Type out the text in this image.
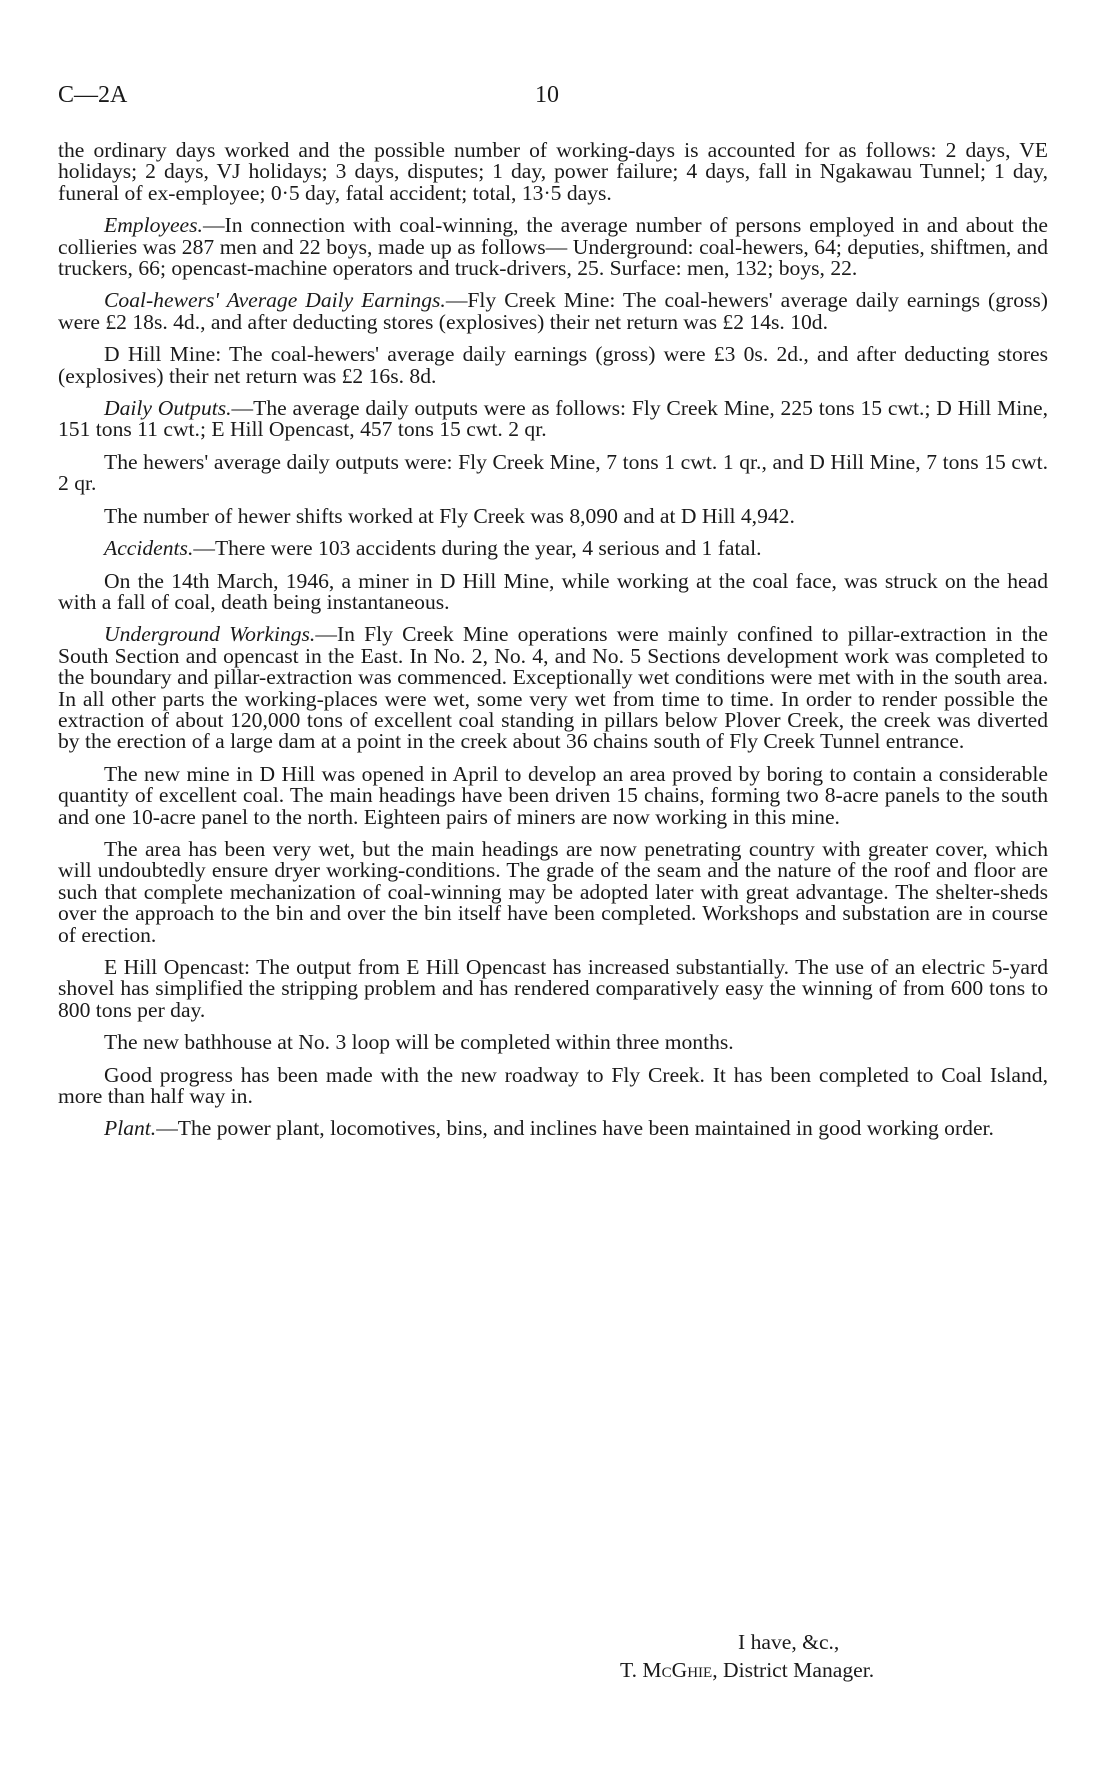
C—2A	10

the ordinary days worked and the possible number of working-days is accounted for as follows: 2 days, VE holidays; 2 days, VJ holidays; 3 days, disputes; 1 day, power failure; 4 days, fall in Ngakawau Tunnel; 1 day, funeral of ex-employee; 0·5 day, fatal accident; total, 13·5 days.

Employees.—In connection with coal-winning, the average number of persons employed in and about the collieries was 287 men and 22 boys, made up as follows— Underground: coal-hewers, 64; deputies, shiftmen, and truckers, 66; opencast-machine operators and truck-drivers, 25. Surface: men, 132; boys, 22.

Coal-hewers' Average Daily Earnings.—Fly Creek Mine: The coal-hewers' average daily earnings (gross) were £2 18s. 4d., and after deducting stores (explosives) their net return was £2 14s. 10d.

D Hill Mine: The coal-hewers' average daily earnings (gross) were £3 0s. 2d., and after deducting stores (explosives) their net return was £2 16s. 8d.

Daily Outputs.—The average daily outputs were as follows: Fly Creek Mine, 225 tons 15 cwt.; D Hill Mine, 151 tons 11 cwt.; E Hill Opencast, 457 tons 15 cwt. 2 qr.

The hewers' average daily outputs were: Fly Creek Mine, 7 tons 1 cwt. 1 qr., and D Hill Mine, 7 tons 15 cwt. 2 qr.

The number of hewer shifts worked at Fly Creek was 8,090 and at D Hill 4,942.

Accidents.—There were 103 accidents during the year, 4 serious and 1 fatal.

On the 14th March, 1946, a miner in D Hill Mine, while working at the coal face, was struck on the head with a fall of coal, death being instantaneous.

Underground Workings.—In Fly Creek Mine operations were mainly confined to pillar-extraction in the South Section and opencast in the East. In No. 2, No. 4, and No. 5 Sections development work was completed to the boundary and pillar-extraction was commenced. Exceptionally wet conditions were met with in the south area. In all other parts the working-places were wet, some very wet from time to time. In order to render possible the extraction of about 120,000 tons of excellent coal standing in pillars below Plover Creek, the creek was diverted by the erection of a large dam at a point in the creek about 36 chains south of Fly Creek Tunnel entrance.

The new mine in D Hill was opened in April to develop an area proved by boring to contain a considerable quantity of excellent coal. The main headings have been driven 15 chains, forming two 8-acre panels to the south and one 10-acre panel to the north. Eighteen pairs of miners are now working in this mine.

The area has been very wet, but the main headings are now penetrating country with greater cover, which will undoubtedly ensure dryer working-conditions. The grade of the seam and the nature of the roof and floor are such that complete mechanization of coal-winning may be adopted later with great advantage. The shelter-sheds over the approach to the bin and over the bin itself have been completed. Workshops and substation are in course of erection.

E Hill Opencast: The output from E Hill Opencast has increased substantially. The use of an electric 5-yard shovel has simplified the stripping problem and has rendered comparatively easy the winning of from 600 tons to 800 tons per day.

The new bathhouse at No. 3 loop will be completed within three months.

Good progress has been made with the new roadway to Fly Creek. It has been completed to Coal Island, more than half way in.

Plant.—The power plant, locomotives, bins, and inclines have been maintained in good working order.

I have, &c.,
T. McGhie, District Manager.
